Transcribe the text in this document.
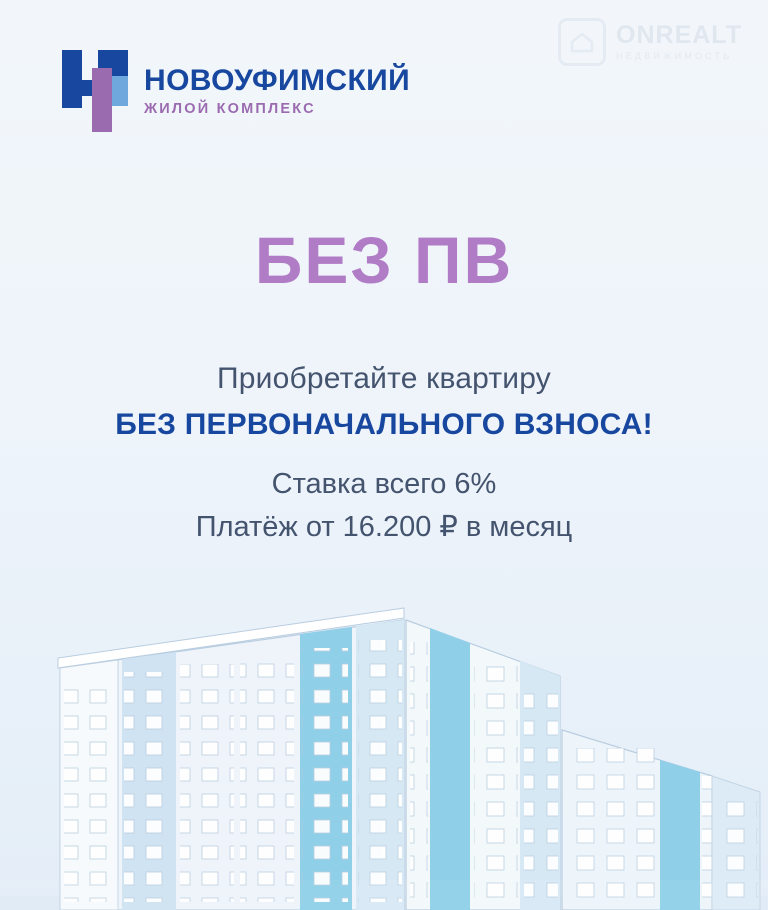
ONREALT
НЕДВИЖИМОСТЬ
НОВОУФИМСКИЙ
ЖИЛОЙ КОМПЛЕКС
БЕЗ ПВ
Приобретайте квартиру
БЕЗ ПЕРВОНАЧАЛЬНОГО ВЗНОСА!
Ставка всего 6%
Платёж от 16.200 ₽ в месяц
